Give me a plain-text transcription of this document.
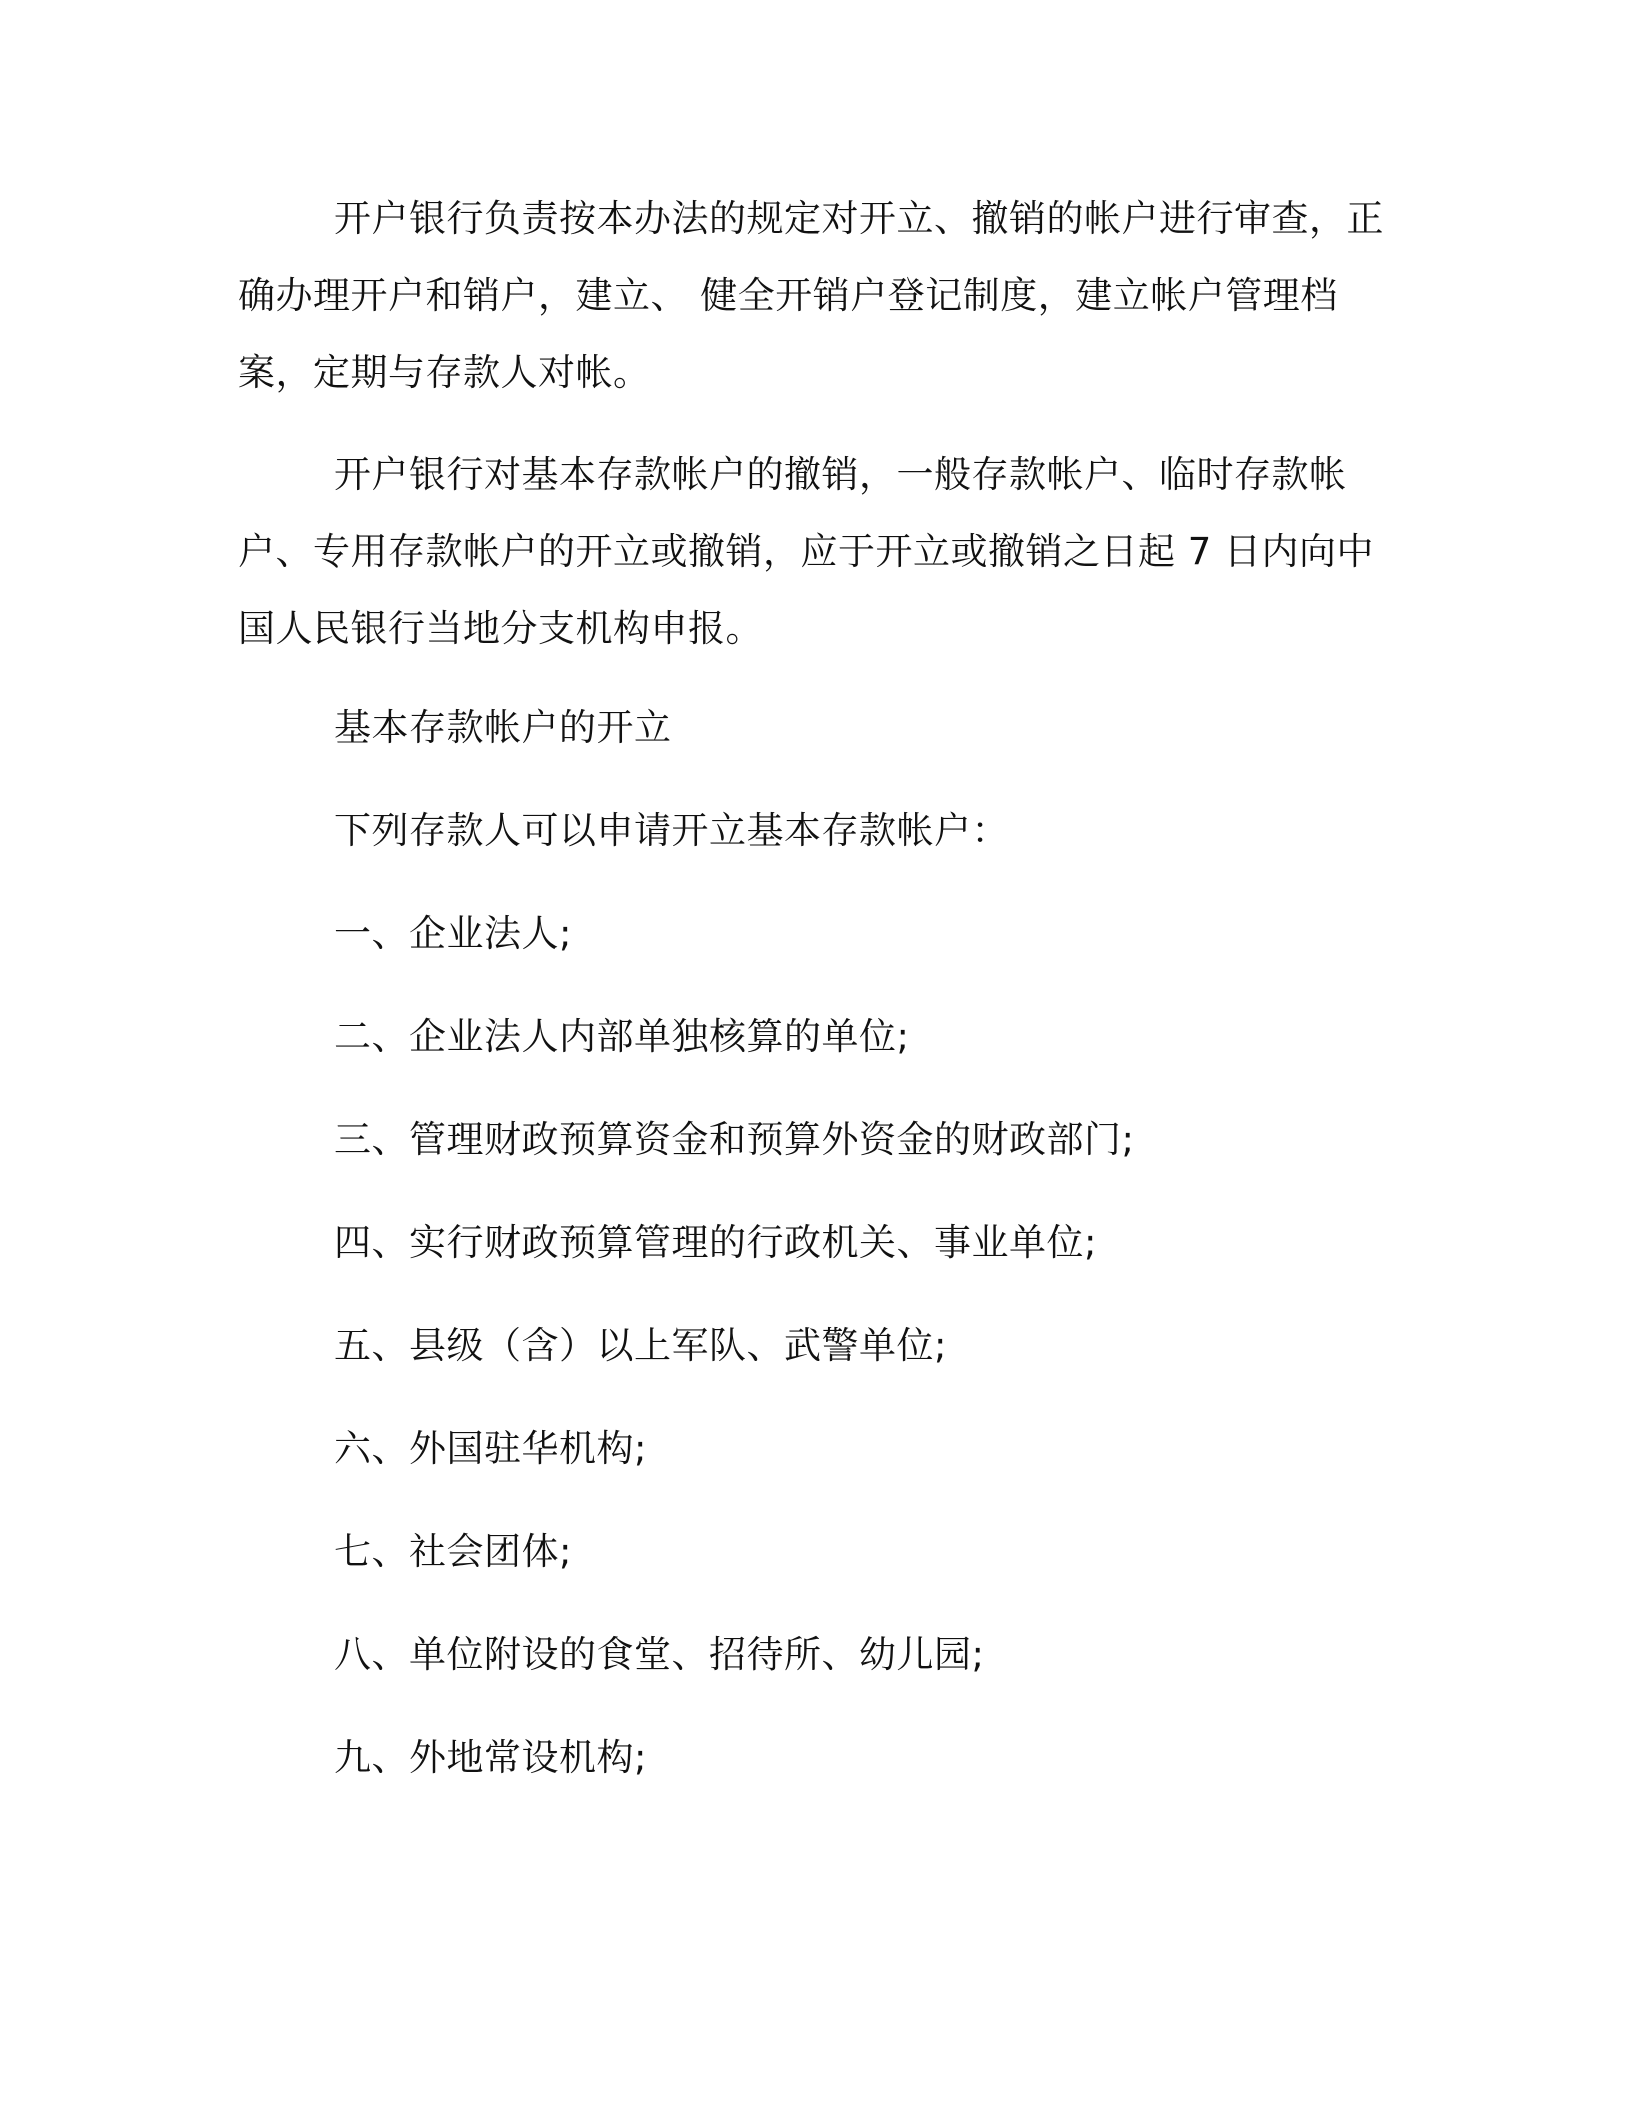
开户银行负责按本办法的规定对开立、撤销的帐户进行审查，正确办理开户和销户，建立、 健全开销户登记制度，建立帐户管理档案，定期与存款人对帐。

开户银行对基本存款帐户的撤销，一般存款帐户、临时存款帐户、专用存款帐户的开立或撤销，应于开立或撤销之日起 7 日内向中国人民银行当地分支机构申报。

基本存款帐户的开立

下列存款人可以申请开立基本存款帐户：

一、企业法人;

二、企业法人内部单独核算的单位;

三、管理财政预算资金和预算外资金的财政部门;

四、实行财政预算管理的行政机关、事业单位;

五、县级（含）以上军队、武警单位;

六、外国驻华机构;

七、社会团体;

八、单位附设的食堂、招待所、幼儿园;

九、外地常设机构;
